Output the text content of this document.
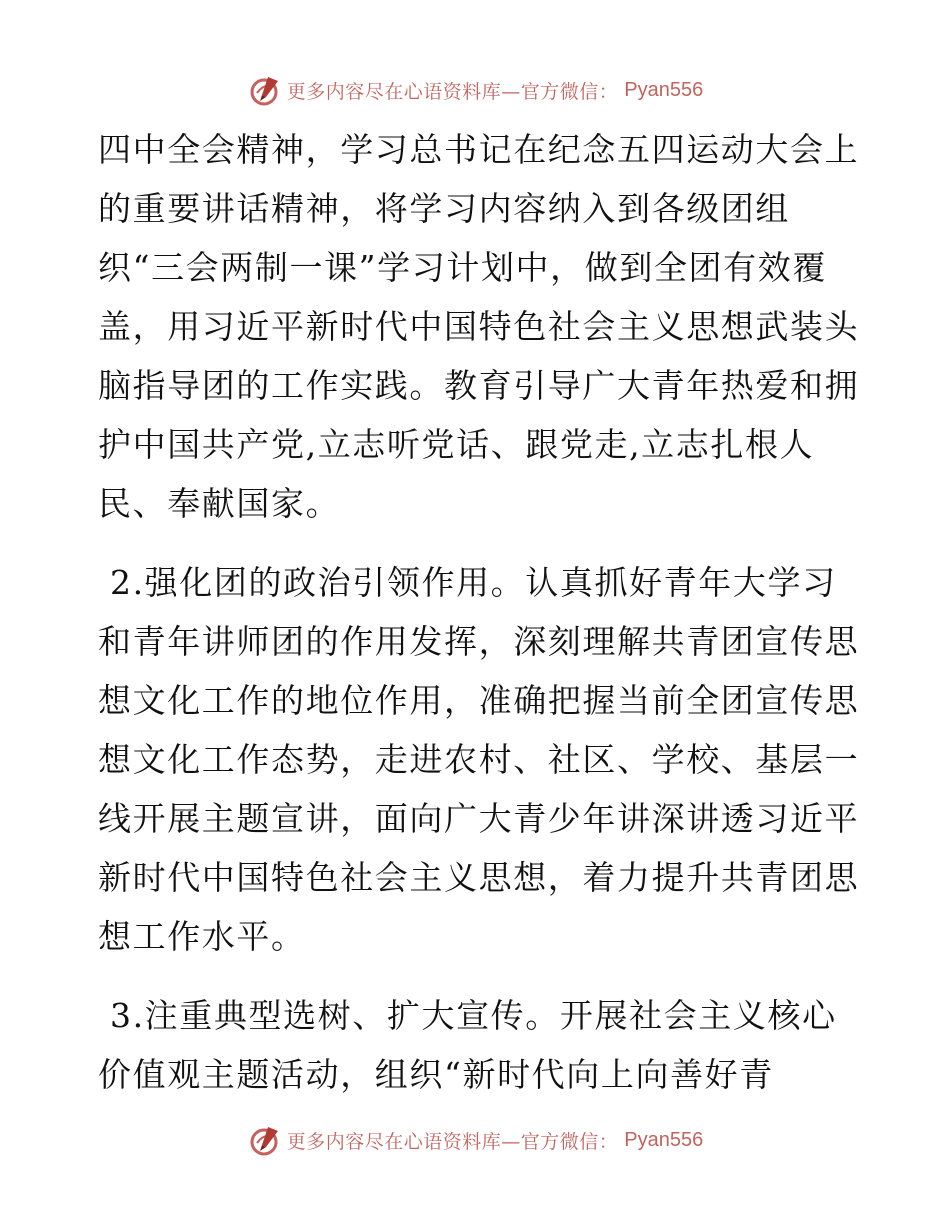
更多内容尽在心语资料库—官方微信： Pyan556
四中全会精神，学习总书记在纪念五四运动大会上
的重要讲话精神，将学习内容纳入到各级团组
织“三会两制一课”学习计划中，做到全团有效覆
盖，用习近平新时代中国特色社会主义思想武装头
脑指导团的工作实践。教育引导广大青年热爱和拥
护中国共产党,立志听党话、跟党走,立志扎根人
民、奉献国家。
2.强化团的政治引领作用。认真抓好青年大学习
和青年讲师团的作用发挥，深刻理解共青团宣传思
想文化工作的地位作用，准确把握当前全团宣传思
想文化工作态势，走进农村、社区、学校、基层一
线开展主题宣讲，面向广大青少年讲深讲透习近平
新时代中国特色社会主义思想，着力提升共青团思
想工作水平。
3.注重典型选树、扩大宣传。开展社会主义核心
价值观主题活动，组织“新时代向上向善好青
更多内容尽在心语资料库—官方微信： Pyan556
